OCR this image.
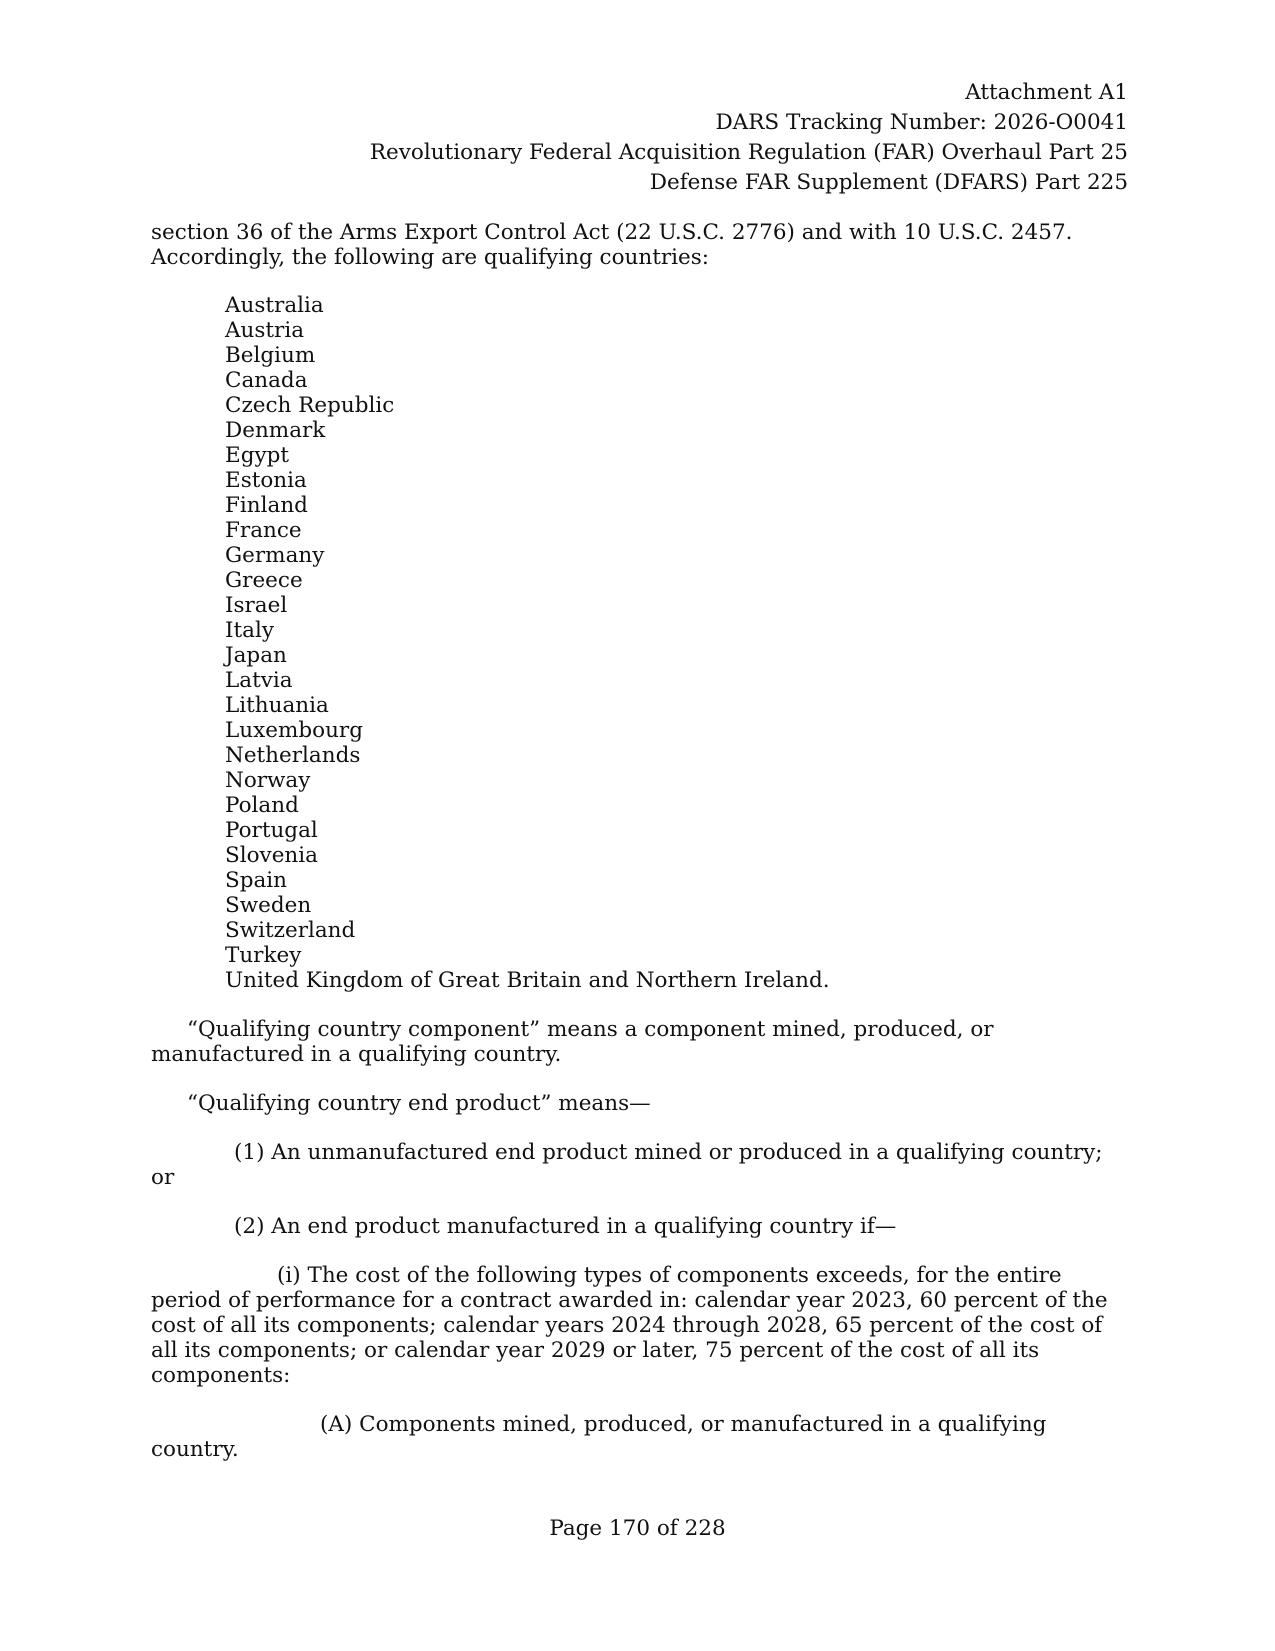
Attachment A1
DARS Tracking Number: 2026-O0041
Revolutionary Federal Acquisition Regulation (FAR) Overhaul Part 25
Defense FAR Supplement (DFARS) Part 225

section 36 of the Arms Export Control Act (22 U.S.C. 2776) and with 10 U.S.C. 2457. Accordingly, the following are qualifying countries:

Australia
Austria
Belgium
Canada
Czech Republic
Denmark
Egypt
Estonia
Finland
France
Germany
Greece
Israel
Italy
Japan
Latvia
Lithuania
Luxembourg
Netherlands
Norway
Poland
Portugal
Slovenia
Spain
Sweden
Switzerland
Turkey
United Kingdom of Great Britain and Northern Ireland.

“Qualifying country component” means a component mined, produced, or manufactured in a qualifying country.

“Qualifying country end product” means—

(1) An unmanufactured end product mined or produced in a qualifying country; or

(2) An end product manufactured in a qualifying country if—

(i) The cost of the following types of components exceeds, for the entire period of performance for a contract awarded in: calendar year 2023, 60 percent of the cost of all its components; calendar years 2024 through 2028, 65 percent of the cost of all its components; or calendar year 2029 or later, 75 percent of the cost of all its components:

(A) Components mined, produced, or manufactured in a qualifying country.

Page 170 of 228
